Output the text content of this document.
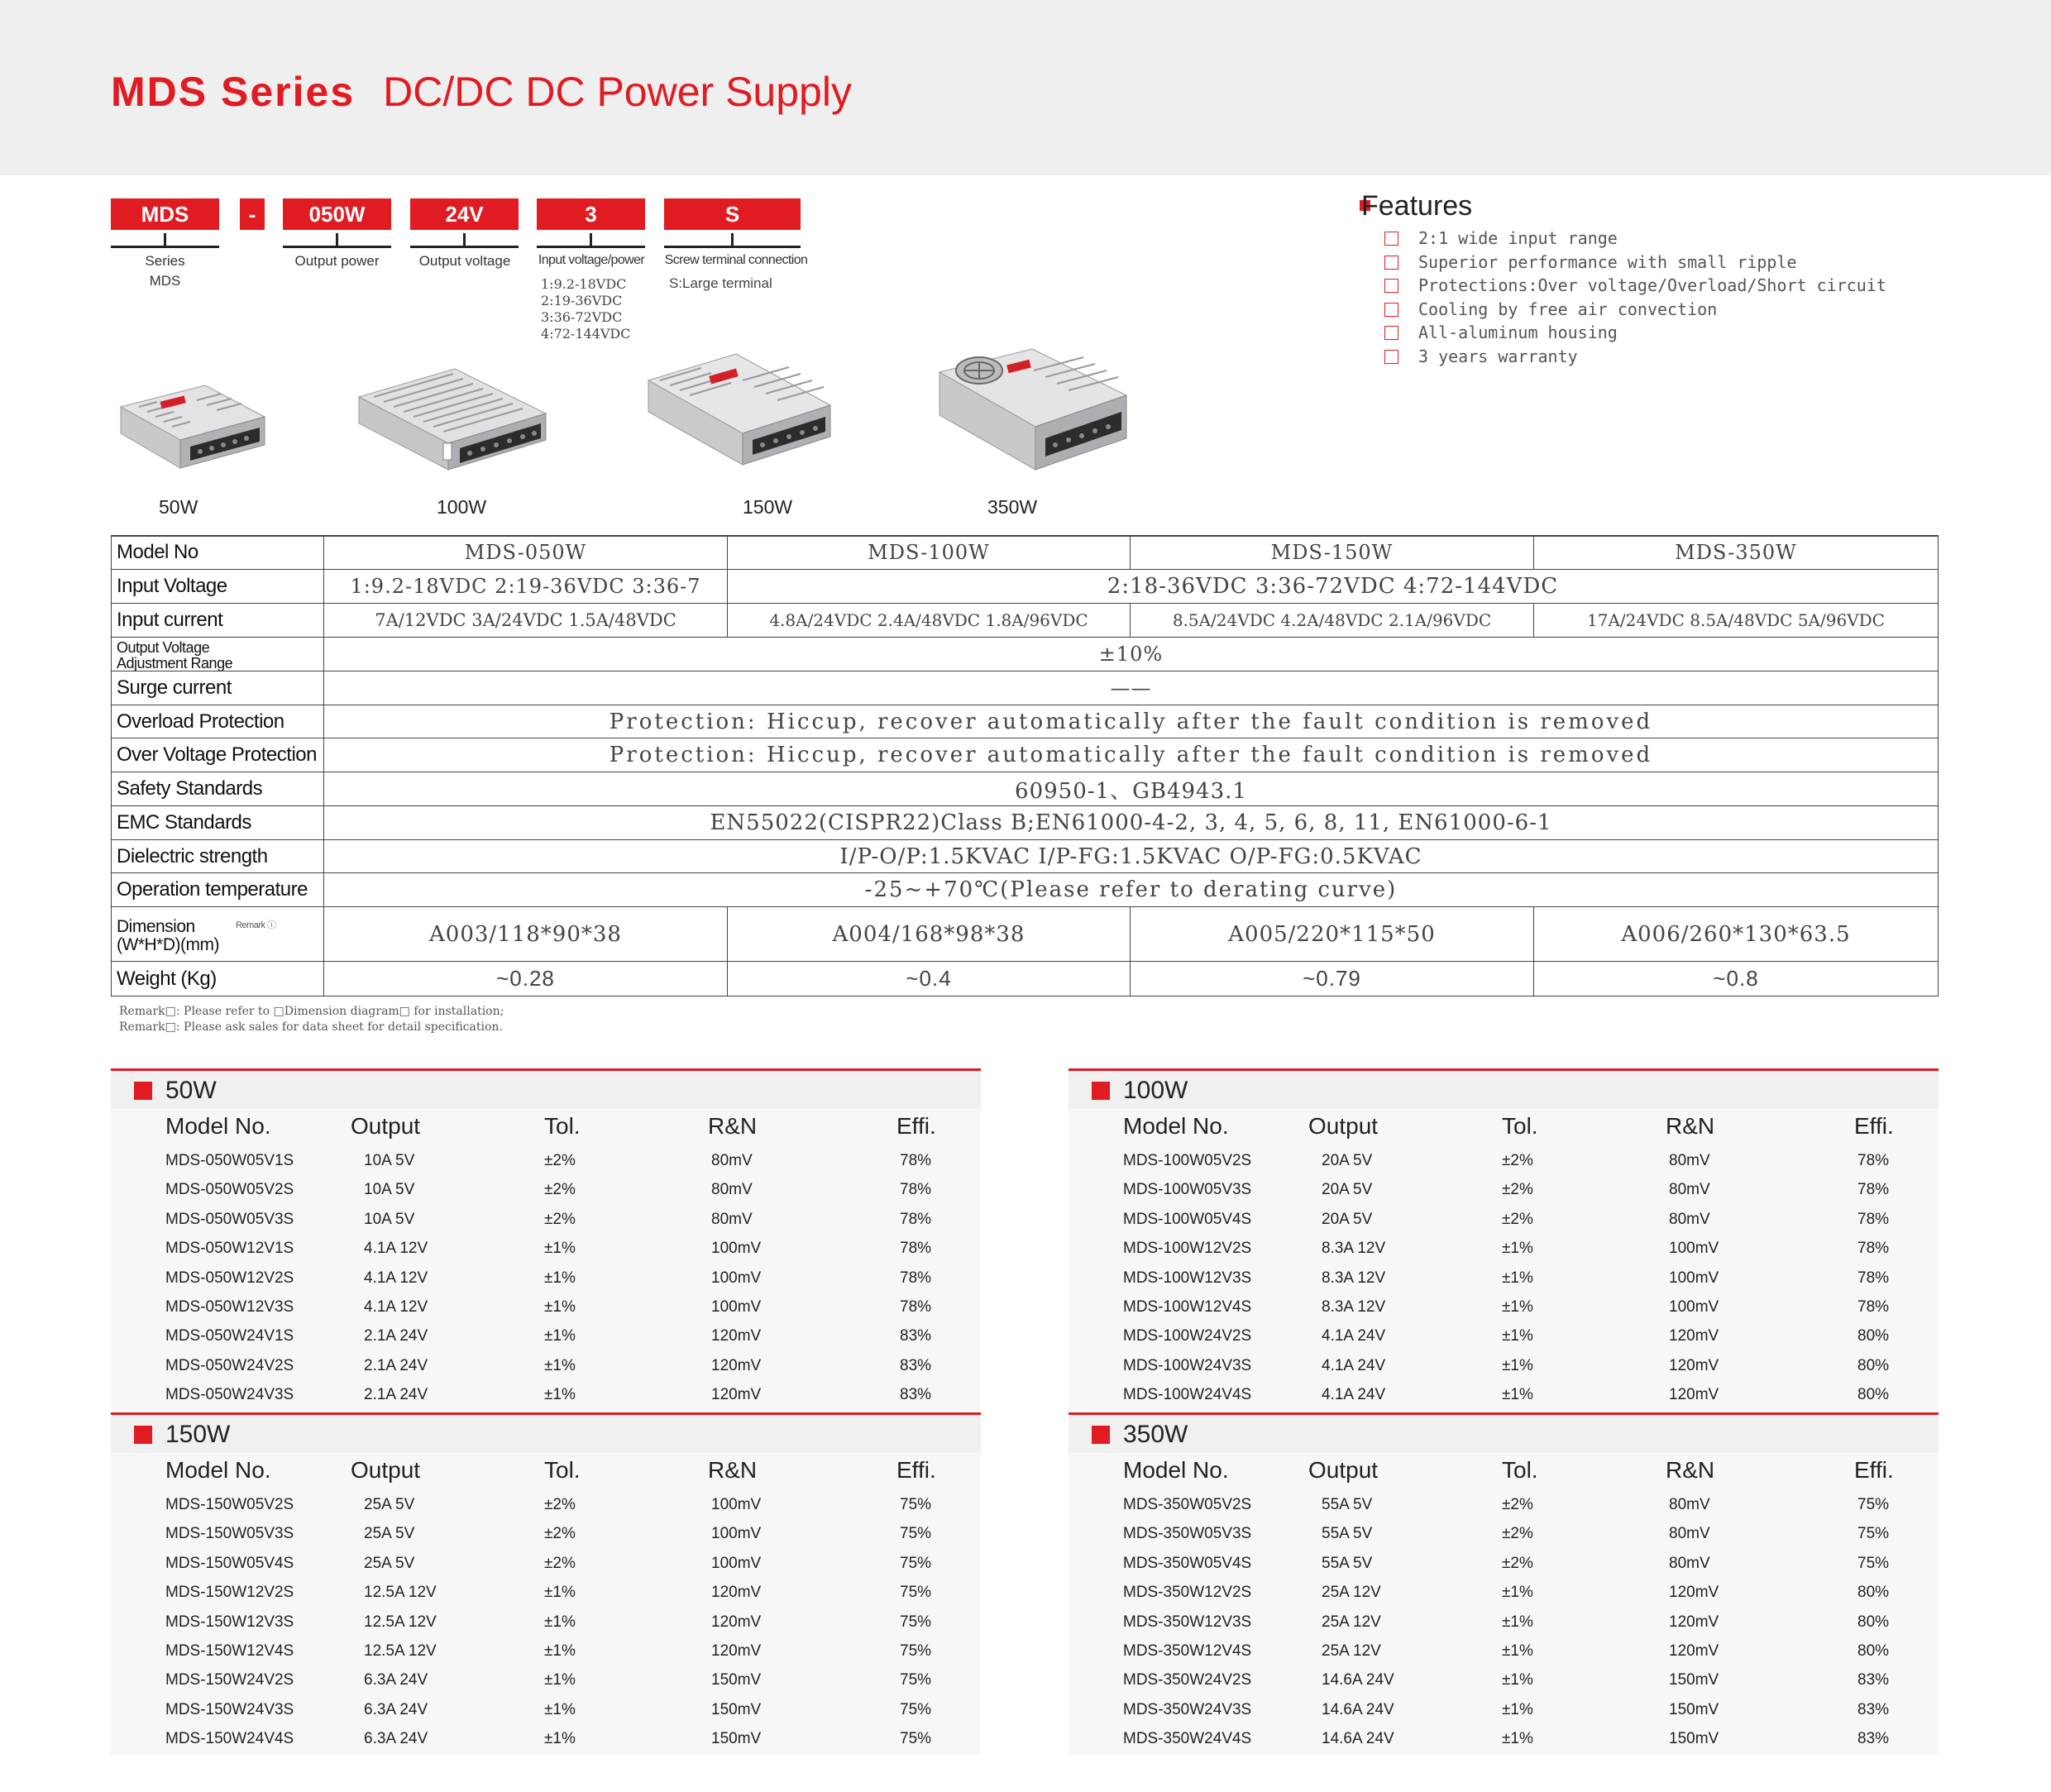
MDS Series DC/DC DC Power Supply
MDS	-	050W	24V	3	S
Series
MDS
Output power	Output voltage	Input voltage/power	Screw terminal connection
1:9.2-18VDC
2:19-36VDC
3:36-72VDC
4:72-144VDC
S:Large terminal
Features
2:1 wide input range
Superior performance with small ripple
Protections:Over voltage/Overload/Short circuit
Cooling by free air convection
All-aluminum housing
3 years warranty
50W	100W	150W	350W
Model No	MDS-050W	MDS-100W	MDS-150W	MDS-350W
Input Voltage	1:9.2-18VDC 2:19-36VDC 3:36-7	2:18-36VDC 3:36-72VDC 4:72-144VDC
Input current	7A/12VDC 3A/24VDC 1.5A/48VDC	4.8A/24VDC 2.4A/48VDC 1.8A/96VDC	8.5A/24VDC 4.2A/48VDC 2.1A/96VDC	17A/24VDC 8.5A/48VDC 5A/96VDC
Output Voltage
Adjustment Range	±10%
Surge current	——
Overload Protection	Protection: Hiccup, recover automatically after the fault condition is removed
Over Voltage Protection	Protection: Hiccup, recover automatically after the fault condition is removed
Safety Standards	60950-1、GB4943.1
EMC Standards	EN55022(CISPR22)Class B;EN61000-4-2, 3, 4, 5, 6, 8, 11, EN61000-6-1
Dielectric strength	I/P-O/P:1.5KVAC I/P-FG:1.5KVAC O/P-FG:0.5KVAC
Operation temperature	-25~+70℃(Please refer to derating curve)
Dimension
(W*H*D)(mm)
Remark ⓘ	A003/118*90*38	A004/168*98*38	A005/220*115*50	A006/260*130*63.5
Weight (Kg)	~0.28	~0.4	~0.79	~0.8
Remark□: Please refer to □Dimension diagram□ for installation;
Remark□: Please ask sales for data sheet for detail specification.
50W
Model No.	Output	Tol.	R&N	Effi.
MDS-050W05V1S	10A 5V	±2%	80mV	78%
MDS-050W05V2S	10A 5V	±2%	80mV	78%
MDS-050W05V3S	10A 5V	±2%	80mV	78%
MDS-050W12V1S	4.1A 12V	±1%	100mV	78%
MDS-050W12V2S	4.1A 12V	±1%	100mV	78%
MDS-050W12V3S	4.1A 12V	±1%	100mV	78%
MDS-050W24V1S	2.1A 24V	±1%	120mV	83%
MDS-050W24V2S	2.1A 24V	±1%	120mV	83%
MDS-050W24V3S	2.1A 24V	±1%	120mV	83%
100W
Model No.	Output	Tol.	R&N	Effi.
MDS-100W05V2S	20A 5V	±2%	80mV	78%
MDS-100W05V3S	20A 5V	±2%	80mV	78%
MDS-100W05V4S	20A 5V	±2%	80mV	78%
MDS-100W12V2S	8.3A 12V	±1%	100mV	78%
MDS-100W12V3S	8.3A 12V	±1%	100mV	78%
MDS-100W12V4S	8.3A 12V	±1%	100mV	78%
MDS-100W24V2S	4.1A 24V	±1%	120mV	80%
MDS-100W24V3S	4.1A 24V	±1%	120mV	80%
MDS-100W24V4S	4.1A 24V	±1%	120mV	80%
150W
Model No.	Output	Tol.	R&N	Effi.
MDS-150W05V2S	25A 5V	±2%	100mV	75%
MDS-150W05V3S	25A 5V	±2%	100mV	75%
MDS-150W05V4S	25A 5V	±2%	100mV	75%
MDS-150W12V2S	12.5A 12V	±1%	120mV	75%
MDS-150W12V3S	12.5A 12V	±1%	120mV	75%
MDS-150W12V4S	12.5A 12V	±1%	120mV	75%
MDS-150W24V2S	6.3A 24V	±1%	150mV	75%
MDS-150W24V3S	6.3A 24V	±1%	150mV	75%
MDS-150W24V4S	6.3A 24V	±1%	150mV	75%
350W
Model No.	Output	Tol.	R&N	Effi.
MDS-350W05V2S	55A 5V	±2%	80mV	75%
MDS-350W05V3S	55A 5V	±2%	80mV	75%
MDS-350W05V4S	55A 5V	±2%	80mV	75%
MDS-350W12V2S	25A 12V	±1%	120mV	80%
MDS-350W12V3S	25A 12V	±1%	120mV	80%
MDS-350W12V4S	25A 12V	±1%	120mV	80%
MDS-350W24V2S	14.6A 24V	±1%	150mV	83%
MDS-350W24V3S	14.6A 24V	±1%	150mV	83%
MDS-350W24V4S	14.6A 24V	±1%	150mV	83%
